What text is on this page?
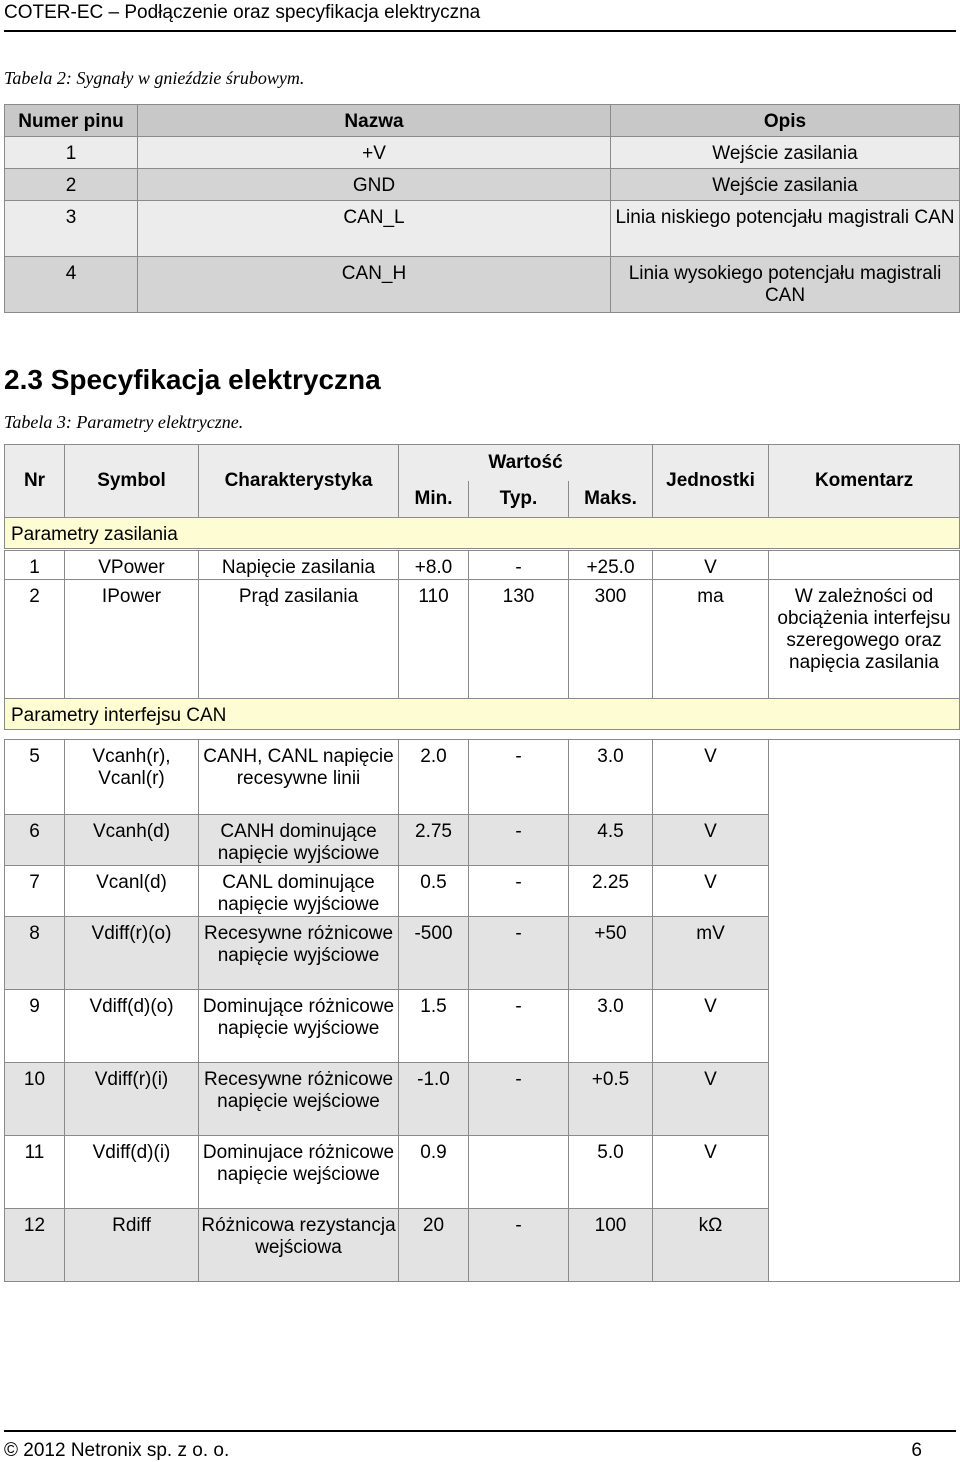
COTER-EC – Podłączenie oraz specyfikacja elektryczna
Tabela 2: Sygnały w gnieździe śrubowym.
Numer pinu	Nazwa	Opis
1	+V	Wejście zasilania
2	GND	Wejście zasilania
3	CAN_L	Linia niskiego potencjału magistrali CAN
4	CAN_H	Linia wysokiego potencjału magistrali CAN
2.3 Specyfikacja elektryczna
Tabela 3: Parametry elektryczne.
Nr	Symbol	Charakterystyka	Wartość			Jednostki	Komentarz
			Min.	Typ.	Maks.		
Parametry zasilania							
1	VPower	Napięcie zasilania	+8.0	-	+25.0	V	
2	IPower	Prąd zasilania	110	130	300	ma	W zależności od obciążenia interfejsu szeregowego oraz napięcia zasilania
Parametry interfejsu CAN							
5	Vcanh(r), Vcanl(r)	CANH, CANL napięcie recesywne linii	2.0	-	3.0	V	
6	Vcanh(d)	CANH dominujące napięcie wyjściowe	2.75	-	4.5	V	
7	Vcanl(d)	CANL dominujące napięcie wyjściowe	0.5	-	2.25	V	
8	Vdiff(r)(o)	Recesywne różnicowe napięcie wyjściowe	-500	-	+50	mV	
9	Vdiff(d)(o)	Dominujące różnicowe napięcie wyjściowe	1.5	-	3.0	V	
10	Vdiff(r)(i)	Recesywne różnicowe napięcie wejściowe	-1.0	-	+0.5	V	
11	Vdiff(d)(i)	Dominujace różnicowe napięcie wejściowe	0.9		5.0	V	
12	Rdiff	Różnicowa rezystancja wejściowa	20	-	100	kΩ	
© 2012 Netronix sp. z o. o.	6
